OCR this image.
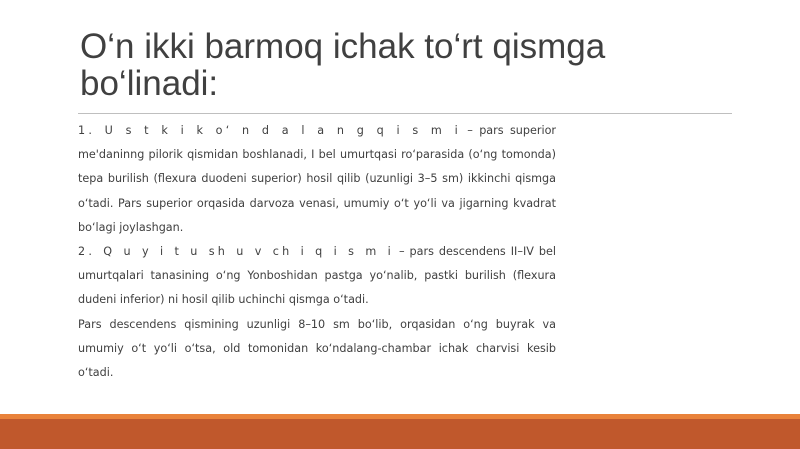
O‘n ikki barmoq ichak to‘rt qismga bo‘linadi:

1. U s t k i k o‘ n d a l a n g q i s m i – pars superior me'daninng pilorik qismidan boshlanadi, I bel umurtqasi ro‘parasida (o‘ng tomonda) tepa burilish (flexura duodeni superior) hosil qilib (uzunligi 3–5 sm) ikkinchi qismga o‘tadi. Pars superior orqasida darvoza venasi, umumiy o‘t yo‘li va jigarning kvadrat bo‘lagi joylashgan.

2. Q u y i t u sh u v ch i q i s m i – pars descendens II–IV bel umurtqalari tanasining o‘ng Yonboshidan pastga yo‘nalib, pastki burilish (flexura dudeni inferior) ni hosil qilib uchinchi qismga o‘tadi.

Pars descendens qismining uzunligi 8–10 sm bo‘lib, orqasidan o‘ng buyrak va umumiy o‘t yo‘li o‘tsa, old tomonidan ko‘ndalang-chambar ichak charvisi kesib o‘tadi.
